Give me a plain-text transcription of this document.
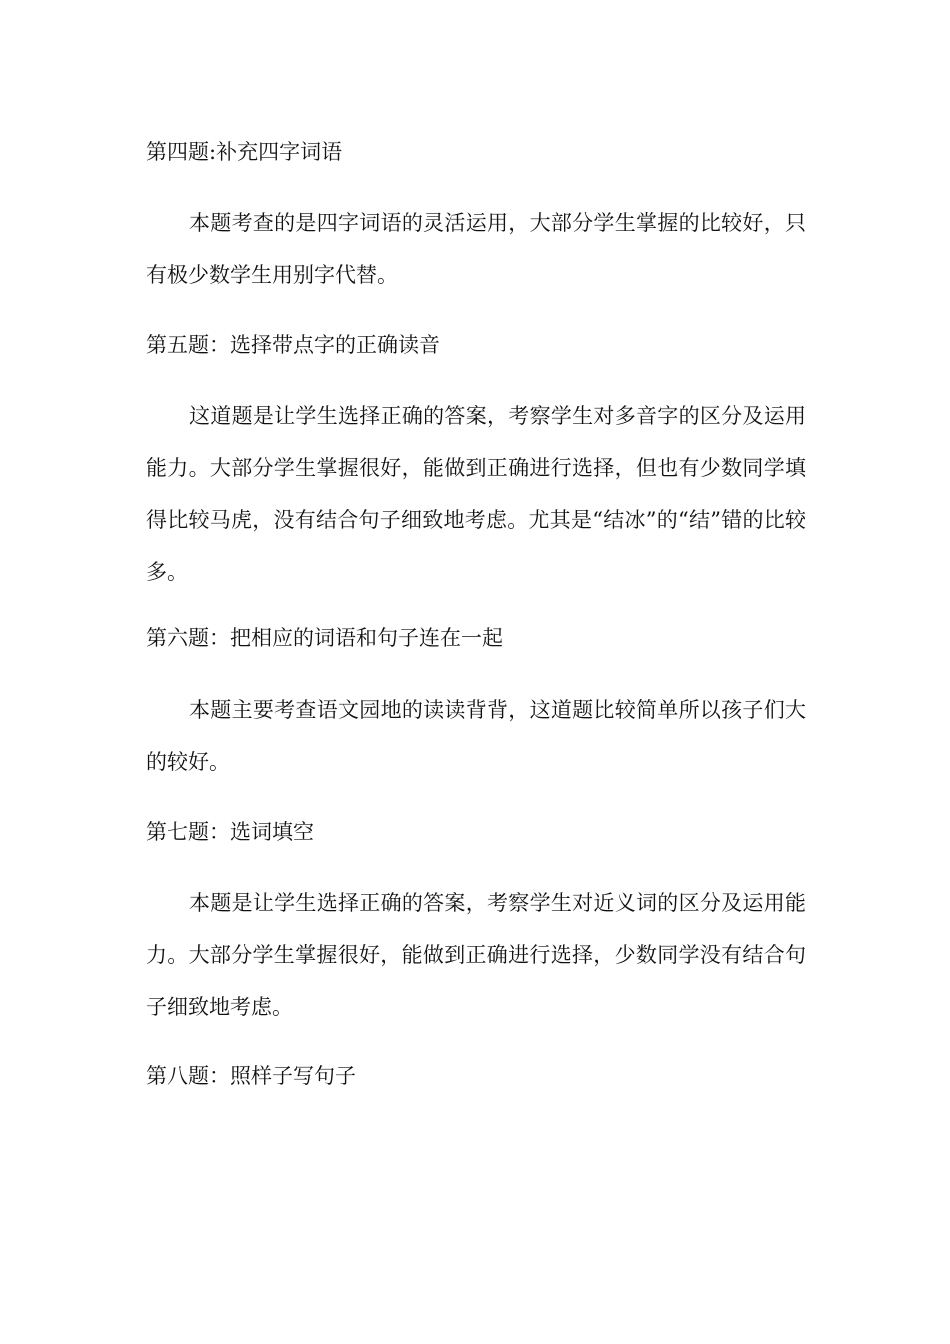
第四题:补充四字词语

本题考查的是四字词语的灵活运用，大部分学生掌握的比较好，只有极少数学生用别字代替。

第五题：选择带点字的正确读音

这道题是让学生选择正确的答案，考察学生对多音字的区分及运用能力。大部分学生掌握很好，能做到正确进行选择，但也有少数同学填得比较马虎，没有结合句子细致地考虑。尤其是“结冰”的“结”错的比较多。

第六题：把相应的词语和句子连在一起

本题主要考查语文园地的读读背背，这道题比较简单所以孩子们大的较好。

第七题：选词填空

本题是让学生选择正确的答案，考察学生对近义词的区分及运用能力。大部分学生掌握很好，能做到正确进行选择，少数同学没有结合句子细致地考虑。

第八题：照样子写句子
